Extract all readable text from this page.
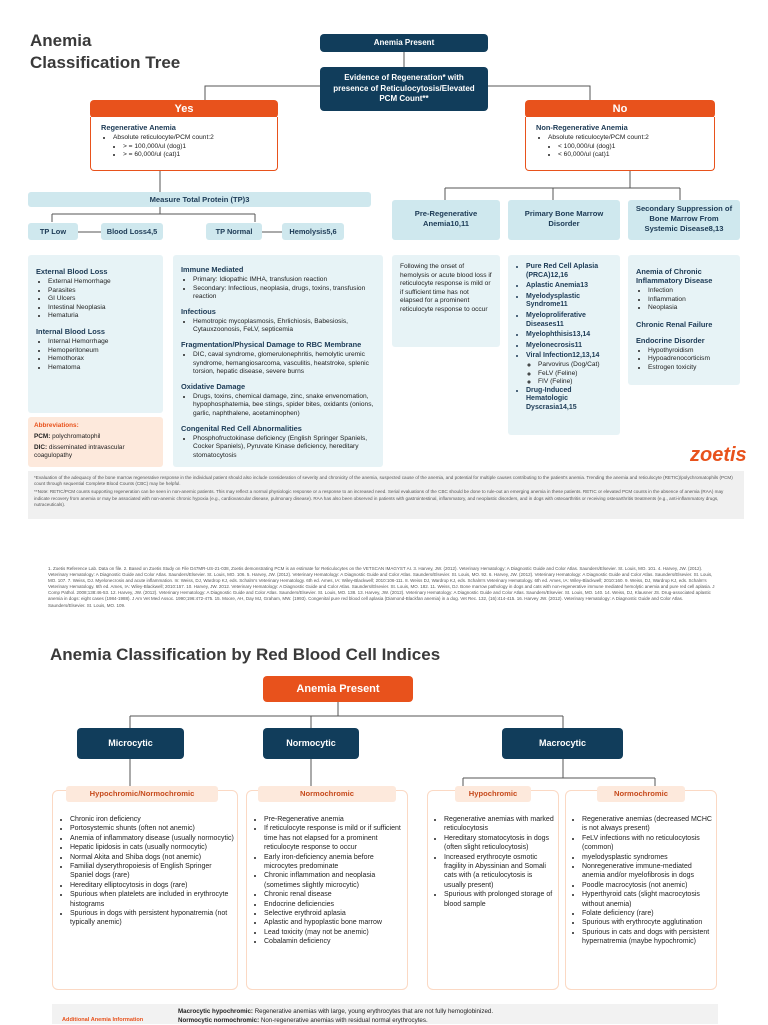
Anemia
Classification Tree
Anemia Present
Evidence of Regeneration* with
presence of Reticulocytosis/Elevated
PCM Count**
Yes	No
Regenerative Anemia
• Absolute reticulocyte/PCM count:2
• > = 100,000/ul (dog)1
• > = 60,000/ul (cat)1
Non-Regenerative Anemia
• Absolute reticulocyte/PCM count:2
• < 100,000/ul (dog)1
• < 60,000/ul (cat)1
Measure Total Protein (TP)3
TP Low	Blood Loss4,5	TP Normal	Hemolysis5,6
External Blood Loss
• External Hemorrhage
• Parasites
• GI Ulcers
• Intestinal Neoplasia
• Hematuria
Internal Blood Loss
• Internal Hemorrhage
• Hemoperitoneum
• Hemothorax
• Hematoma
Abbreviations:
PCM: polychromatophil
DIC: disseminated intravascular coagulopathy
Immune Mediated
• Primary: Idiopathic IMHA, transfusion reaction
• Secondary: Infectious, neoplasia, drugs, toxins, transfusion reaction
Infectious
• Hemotropic mycoplasmosis, Ehrlichiosis, Babesiosis, Cytauxzoonosis, FeLV, septicemia
Fragmentation/Physical Damage to RBC Membrane
• DIC, caval syndrome, glomerulonephritis, hemolytic uremic syndrome, hemangiosarcoma, vasculitis, heatstroke, splenic torsion, hepatic disease, severe burns
Oxidative Damage
• Drugs, toxins, chemical damage, zinc, snake envenomation, hypophosphatemia, bee stings, spider bites, oxidants (onions, garlic, naphthalene, acetaminophen)
Congenital Red Cell Abnormalities
• Phosphofructokinase deficiency (English Springer Spaniels, Cocker Spaniels), Pyruvate Kinase deficiency, hereditary stomatocytosis
Pre-Regenerative Anemia10,11
Following the onset of hemolysis or acute blood loss if reticulocyte response is mild or if sufficient time has not elapsed for a prominent reticulocyte response to occur
Primary Bone Marrow Disorder
• Pure Red Cell Aplasia (PRCA)12,16
• Aplastic Anemia13
• Myelodysplastic Syndrome11
• Myeloproliferative Diseases11
• Myelophthisis13,14
• Myelonecrosis11
• Viral Infection12,13,14
◦ Parvovirus (Dog/Cat)
◦ FeLV (Feline)
◦ FIV (Feline)
• Drug-Induced Hematologic Dyscrasia14,15
Secondary Suppression of Bone Marrow From Systemic Disease8,13
Anemia of Chronic Inflammatory Disease
• Infection
• Inflammation
• Neoplasia
Chronic Renal Failure
Endocrine Disorder
• Hypothyroidism
• Hypoadrenocorticism
• Estrogen toxicity
zoetis
*Evaluation of the adequacy of the bone marrow regenerative response in the individual patient should also include consideration of severity and chronicity of the anemia, suspected cause of the anemia, and potential for multiple causes contributing to the patient's anemia. Trending the anemia and reticulocyte (RETIC)/polychromatophils (PCM) count through sequential Complete Blood Counts (CBC) may be helpful.
**Note: RETIC/PCM counts supporting regeneration can be seen in non-anemic patients. This may reflect a normal physiologic response or a response to an increased need. Serial evaluations of the CBC should be done to rule-out an emerging anemia in these patients. RETIC or elevated PCM counts in the absence of anemia (RAA) may indicate recovery from anemia or may be associated with non-anemic chronic hypoxia (e.g., cardiovascular disease, pulmonary disease). RAA has also been observed in patients with gastrointestinal, inflammatory, and neoplastic disorders, and in dogs with osteoarthritis or receiving osteoarthritis treatments (e.g., anti-inflammatory drugs, nutraceuticals).
1. Zoetis Reference Lab. Data on file. 2. Based on Zoetis Study on File D47MR-US-21-038, Zoetis demonstrating PCM is an estimate for Reticulocytes on the VETSCAN IMAGYST AI. 3. Harvey, JW. (2012). Veterinary Hematology: A Diagnostic Guide and Color Atlas. Saunders/Elsevier. St. Louis, MO. 101. 4. Harvey, JW. (2012). Veterinary Hematology: A Diagnostic Guide and Color Atlas. Saunders/Elsevier. St. Louis, MO. 106. 5. Harvey, JW. (2012). Veterinary Hematology: A Diagnostic Guide and Color Atlas. Saunders/Elsevier. St. Louis, MO. 92. 6. Harvey, JW. (2012). Veterinary Hematology: A Diagnostic Guide and Color Atlas. Saunders/Elsevier. St. Louis, MO. 107. 7. Weiss, DJ. Myelonecrosis and acute inflammation. In: Weiss, DJ, Wardrop KJ, eds. Schalm's Veterinary Hematology. 6th ed. Ames, IA: Wiley-Blackwell; 2010:106-111. 8. Weiss DJ, Wardrop KJ, eds. Schalm's Veterinary Hematology. 6th ed. Ames, IA: Wiley-Blackwell; 2010:160. 9. Weiss, DJ, Wardrop KJ, eds. Schalm's Veterinary Hematology. 6th ed. Ames, IA: Wiley-Blackwell; 2010:157. 10. Harvey, JW. 2012. Veterinary Hematology: A Diagnostic Guide and Color Atlas. Saunders/Elsevier. St. Louis, MO. 182. 11. Weiss, DJ. Bone marrow pathology in dogs and cats with non-regenerative immune mediated hemolytic anemia and pure red cell aplasia. J Comp Pathol. 2008;138:46-53. 12. Harvey, JW. (2012). Veterinary Hematology: A Diagnostic Guide and Color Atlas. Saunders/Elsevier. St. Louis, MO. 138. 13. Harvey, JW. (2012). Veterinary Hematology: A Diagnostic Guide and Color Atlas. Saunders/Elsevier. St. Louis, MO. 140. 14. Weiss, DJ, Klausner JS. Drug-associated aplastic anemia in dogs: eight cases (1984-1988). J Am Vet Med Assoc. 1990;196:472-475. 15. Moore, AH, Day MJ, Graham, MW. (1993). Congenital pure red blood cell aplasia (Diamond-Blackfan anemia) in a dog. Vet Rec. 132, (16):414-415. 16. Harvey JW. (2012). Veterinary Hematology: A Diagnostic Guide and Color Atlas. Saunders/Elsevier. St. Louis, MO. 109.
Anemia Classification by Red Blood Cell Indices
Anemia Present
Microcytic	Normocytic	Macrocytic
Hypochromic/Normochromic
• Chronic iron deficiency
• Portosystemic shunts (often not anemic)
• Anemia of inflammatory disease (usually normocytic)
• Hepatic lipidosis in cats (usually normocytic)
• Normal Akita and Shiba dogs (not anemic)
• Familial dyserythropoiesis of English Springer Spaniel dogs (rare)
• Hereditary elliptocytosis in dogs (rare)
• Spurious when platelets are included in erythrocyte histograms
• Spurious in dogs with persistent hyponatremia (not typically anemic)
Normochromic
• Pre-Regenerative anemia
• If reticulocyte response is mild or if sufficient time has not elapsed for a prominent reticulocyte response to occur
• Early iron-deficiency anemia before microcytes predominate
• Chronic inflammation and neoplasia (sometimes slightly microcytic)
• Chronic renal disease
• Endocrine deficiencies
• Selective erythroid aplasia
• Aplastic and hypoplastic bone marrow
• Lead toxicity (may not be anemic)
• Cobalamin deficiency
Hypochromic
• Regenerative anemias with marked reticulocytosis
• Hereditary stomatocytosis in dogs (often slight reticulocytosis)
• Increased erythrocyte osmotic fragility in Abyssinian and Somali cats with (a reticulocytosis is usually present)
• Spurious with prolonged storage of blood sample
Normochromic
• Regenerative anemias (decreased MCHC is not always present)
• FeLV infections with no reticulocytosis (common)
• myelodysplastic syndromes
• Nonregenerative immune-mediated anemia and/or myelofibrosis in dogs
• Poodle macrocytosis (not anemic)
• Hyperthyroid cats (slight macrocytosis without anemia)
• Folate deficiency (rare)
• Spurious with erythrocyte agglutination
• Spurious in cats and dogs with persistent hypernatremia (maybe hypochromic)
Additional Anemia Information
Macrocytic hypochromic: Regenerative anemias with large, young erythrocytes that are not fully hemoglobinized.
Normocytic normochromic: Non-regenerative anemias with residual normal erythrocytes.
